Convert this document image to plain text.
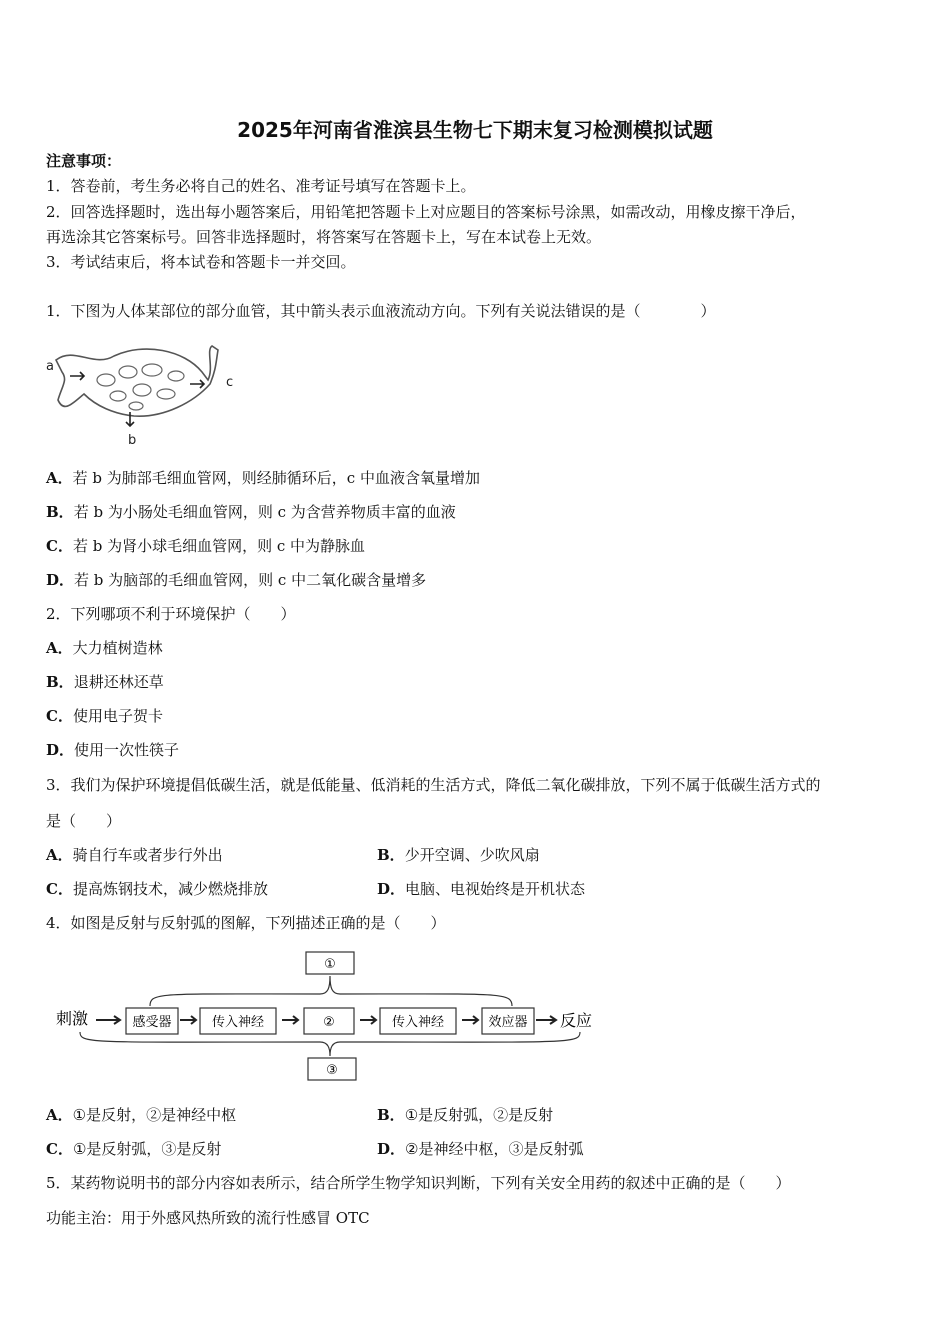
2025年河南省淮滨县生物七下期末复习检测模拟试题
注意事项：
1．答卷前，考生务必将自己的姓名、准考证号填写在答题卡上。
2．回答选择题时，选出每小题答案后，用铅笔把答题卡上对应题目的答案标号涂黑，如需改动，用橡皮擦干净后，
再选涂其它答案标号。回答非选择题时，将答案写在答题卡上，写在本试卷上无效。
3．考试结束后，将本试卷和答题卡一并交回。
1．下图为人体某部位的部分血管，其中箭头表示血液流动方向。下列有关说法错误的是（　　　　）
a
c
b
A．若 b 为肺部毛细血管网，则经肺循环后，c 中血液含氧量增加
B．若 b 为小肠处毛细血管网，则 c 为含营养物质丰富的血液
C．若 b 为肾小球毛细血管网，则 c 中为静脉血
D．若 b 为脑部的毛细血管网，则 c 中二氧化碳含量增多
2．下列哪项不利于环境保护（　　）
A．大力植树造林
B．退耕还林还草
C．使用电子贺卡
D．使用一次性筷子
3．我们为保护环境提倡低碳生活，就是低能量、低消耗的生活方式，降低二氧化碳排放，下列不属于低碳生活方式的
是（　　）
A．骑自行车或者步行外出	B．少开空调、少吹风扇
C．提高炼钢技术，减少燃烧排放	D．电脑、电视始终是开机状态
4．如图是反射与反射弧的图解，下列描述正确的是（　　）
①
刺激	感受器	传入神经	②	传入神经	效应器 反应
③
A．①是反射，②是神经中枢	B．①是反射弧，②是反射
C．①是反射弧，③是反射	D．②是神经中枢，③是反射弧
5．某药物说明书的部分内容如表所示，结合所学生物学知识判断，下列有关安全用药的叙述中正确的是（　　）
功能主治：用于外感风热所致的流行性感冒 OTC
